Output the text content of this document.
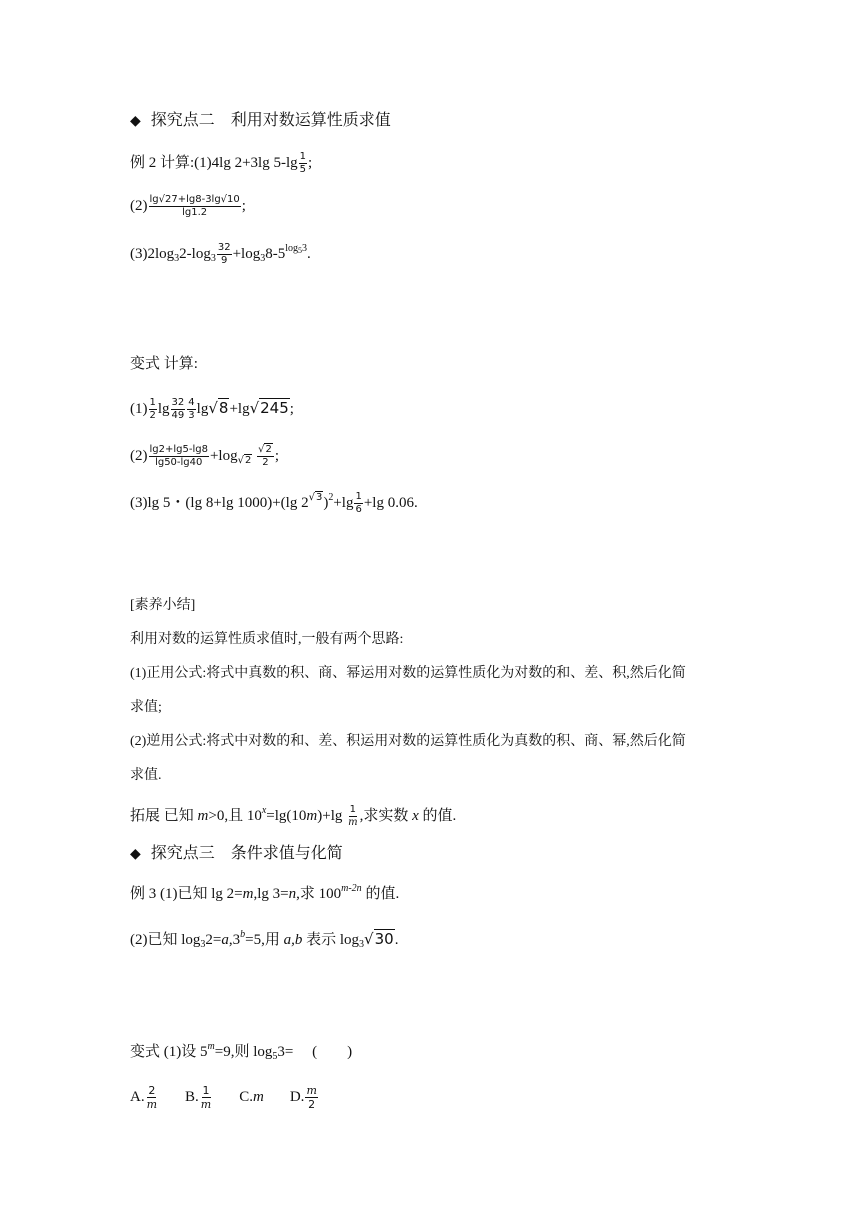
◆ 探究点二　利用对数运算性质求值
例 2 计算:(1)4lg 2+3lg $5-\lg \frac{1}{5}$ ;
$(2) \frac{\lg√27+\lg 8-3\lg√10}{\lg 1.2}$ ;
$(3)2\log_32-\log_3 \frac{32}{9} +\log_38-5^{log_53}$.
变式 计算:
$(1) \frac{1}{2}$ $\lg \frac{32}{49} \frac{4}{3} \lg√8+\lg√245$;
$(2) \frac{\lg 2+\lg 5-\lg 8}{\lg 50-\lg 40} +\log_{√2} \frac{√2}{2}$ ;
(3)lg 5・(lg 8+lg 1000)+(lg $2^{√3})^2+\lg \frac{1}{6} +\lg$ 0.06.
[素养小结]
利用对数的运算性质求值时,一般有两个思路:
(1)正用公式:将式中真数的积、商、幂运用对数的运算性质化为对数的和、差、积,然后化简
求值;
(2)逆用公式:将式中对数的和、差、积运用对数的运算性质化为真数的积、商、幂,然后化简
求值.
拓展 已知 m>0,且 $10^x=\lg(10m)+\lg \frac{1}{m}$ ,求实数 x 的值.
◆ 探究点三　条件求值与化简
例 3 (1)已知 lg 2=m,lg 3=n,求 $100^{m-2n}$ 的值.
(2)已知 $\log_32=a,3^b=5$,用 a,b 表示 $\log_3√30$.
变式 (1)设 $5^m=9$,则 $\log_53=$　 (　　)
A. $\frac{2}{m} B$. $\frac{1}{m} C.m$ D. $\frac{m}{2}$
